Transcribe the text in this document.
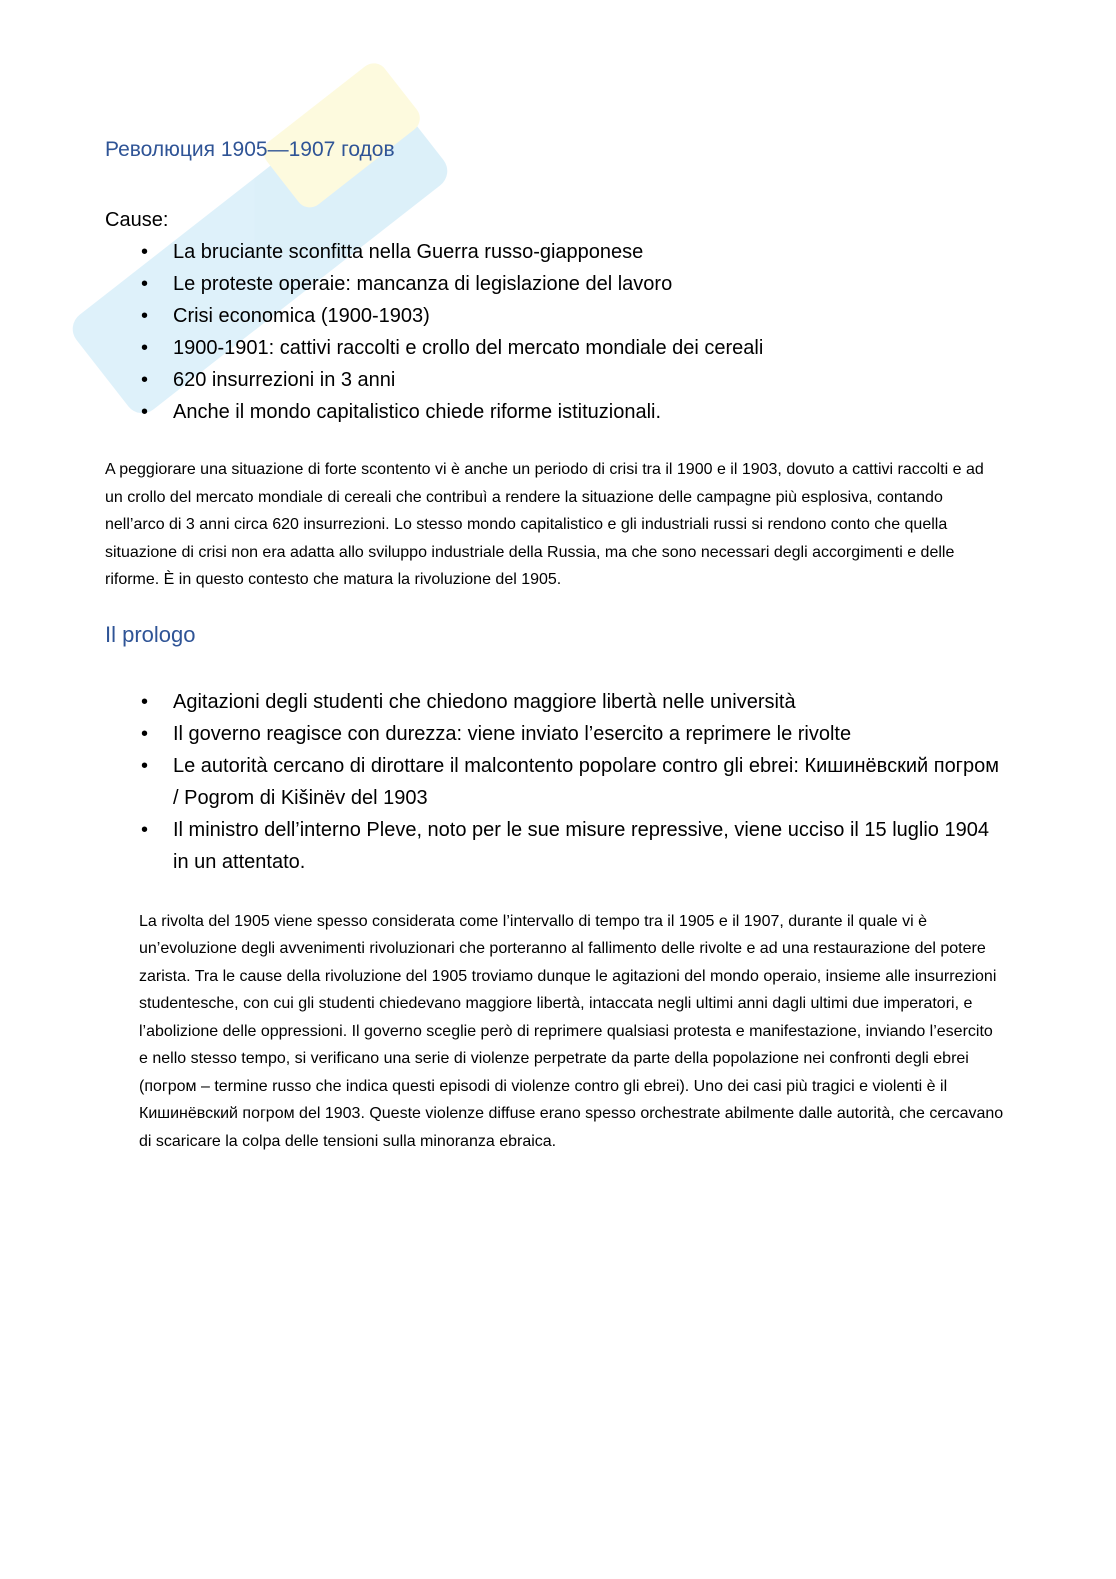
Революция 1905—1907 годов

Cause:

• La bruciante sconfitta nella Guerra russo-giapponese
• Le proteste operaie: mancanza di legislazione del lavoro
• Crisi economica (1900-1903)
• 1900-1901: cattivi raccolti e crollo del mercato mondiale dei cereali
• 620 insurrezioni in 3 anni
• Anche il mondo capitalistico chiede riforme istituzionali.

A peggiorare una situazione di forte scontento vi è anche un periodo di crisi tra il 1900 e il 1903, dovuto a cattivi raccolti e ad un crollo del mercato mondiale di cereali che contribuì a rendere la situazione delle campagne più esplosiva, contando nell’arco di 3 anni circa 620 insurrezioni. Lo stesso mondo capitalistico e gli industriali russi si rendono conto che quella situazione di crisi non era adatta allo sviluppo industriale della Russia, ma che sono necessari degli accorgimenti e delle riforme. È in questo contesto che matura la rivoluzione del 1905.

Il prologo
• Agitazioni degli studenti che chiedono maggiore libertà nelle università
• Il governo reagisce con durezza: viene inviato l’esercito a reprimere le rivolte
• Le autorità cercano di dirottare il malcontento popolare contro gli ebrei: Кишинёвский погром / Pogrom di Kišinëv del 1903
• Il ministro dell’interno Pleve, noto per le sue misure repressive, viene ucciso il 15 luglio 1904 in un attentato.

La rivolta del 1905 viene spesso considerata come l’intervallo di tempo tra il 1905 e il 1907, durante il quale vi è un’evoluzione degli avvenimenti rivoluzionari che porteranno al fallimento delle rivolte e ad una restaurazione del potere zarista. Tra le cause della rivoluzione del 1905 troviamo dunque le agitazioni del mondo operaio, insieme alle insurrezioni studentesche, con cui gli studenti chiedevano maggiore libertà, intaccata negli ultimi anni dagli ultimi due imperatori, e l’abolizione delle oppressioni. Il governo sceglie però di reprimere qualsiasi protesta e manifestazione, inviando l’esercito e nello stesso tempo, si verificano una serie di violenze perpetrate da parte della popolazione nei confronti degli ebrei (погром – termine russo che indica questi episodi di violenze contro gli ebrei). Uno dei casi più tragici e violenti è il Кишинёвский погром del 1903. Queste violenze diffuse erano spesso orchestrate abilmente dalle autorità, che cercavano di scaricare la colpa delle tensioni sulla minoranza ebraica.
